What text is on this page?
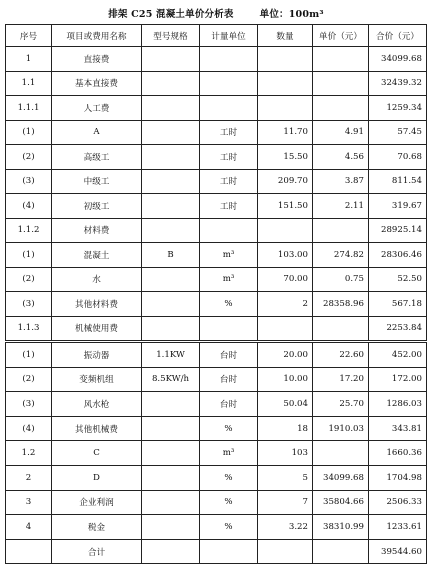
排架 C25 混凝土单价分析表	单位：100m³
序号	项目或费用名称	型号规格	计量单位	数量	单价（元）	合价（元）
1	直接费					34099.68
1.1	基本直接费					32439.32
1.1.1	人工费					1259.34
(1)	A		工时	11.70	4.91	57.45
(2)	高级工		工时	15.50	4.56	70.68
(3)	中级工		工时	209.70	3.87	811.54
(4)	初级工		工时	151.50	2.11	319.67
1.1.2	材料费					28925.14
(1)	混凝土	B	m³	103.00	274.82	28306.46
(2)	水		m³	70.00	0.75	52.50
(3)	其他材料费		%	2	28358.96	567.18
1.1.3	机械使用费					2253.84
(1)	振动器	1.1KW	台时	20.00	22.60	452.00
(2)	变频机组	8.5KW/h	台时	10.00	17.20	172.00
(3)	风水枪		台时	50.04	25.70	1286.03
(4)	其他机械费		%	18	1910.03	343.81
1.2	C		m³	103		1660.36
2	D		%	5	34099.68	1704.98
3	企业利润		%	7	35804.66	2506.33
4	税金		%	3.22	38310.99	1233.61
	合计					39544.60
